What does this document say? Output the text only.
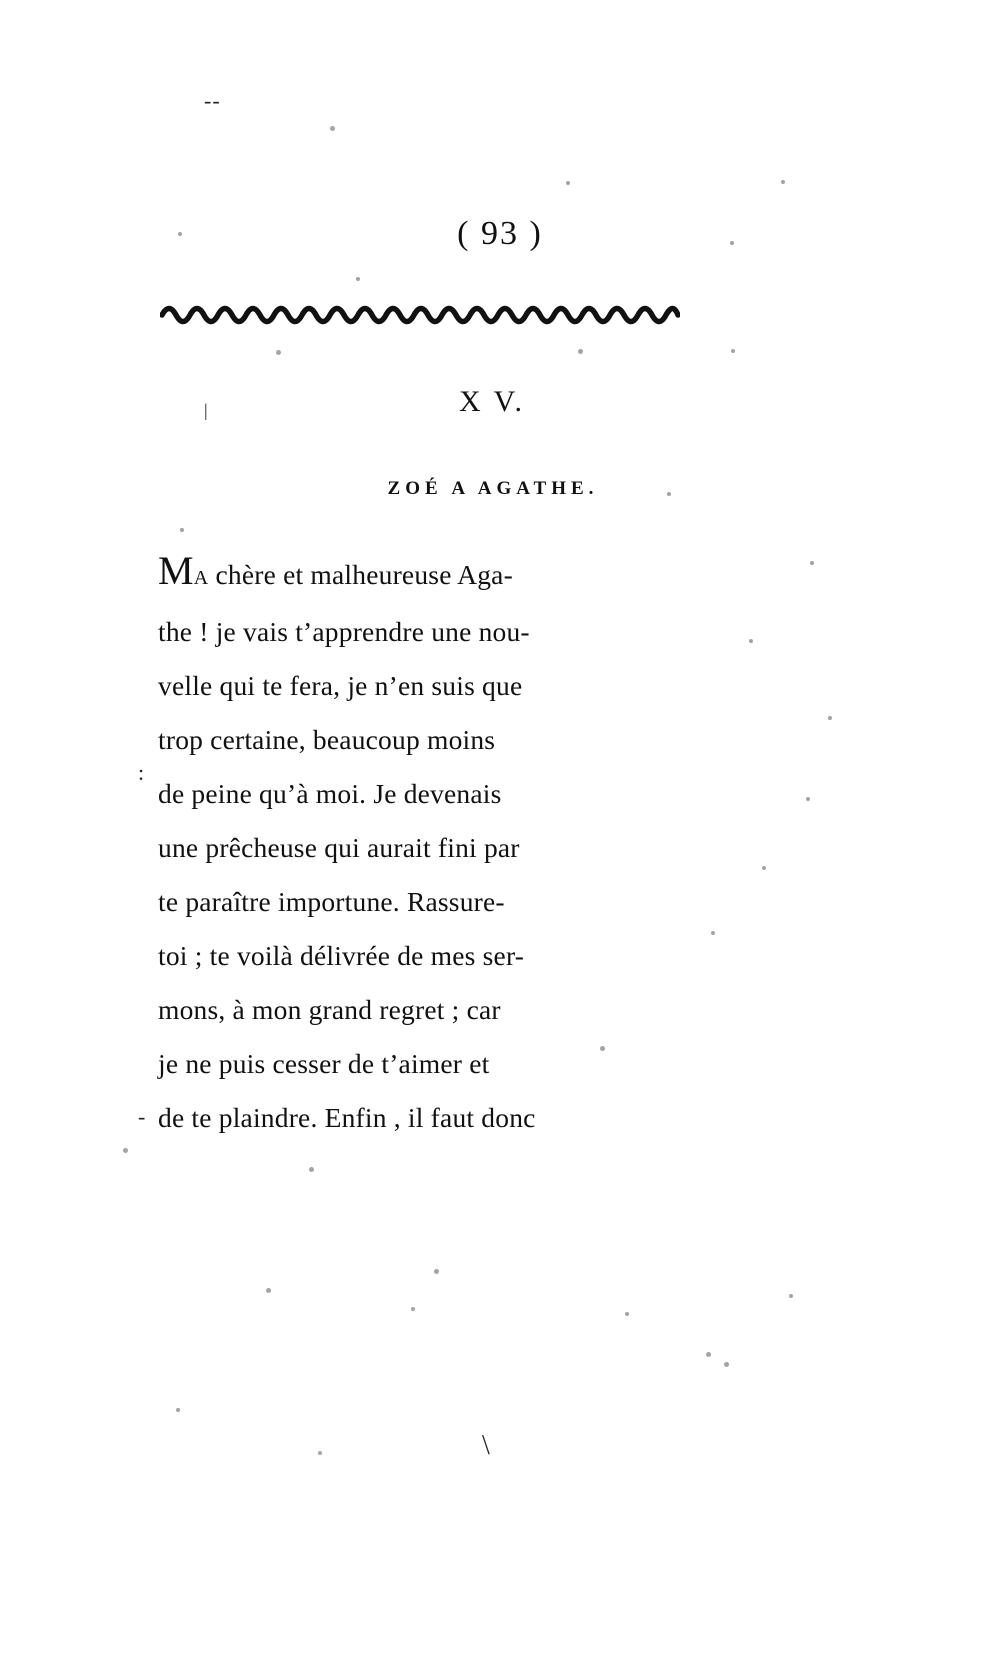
--
|
:
\
( 93 )
X V.
ZOÉ A AGATHE.
MA chère et malheureuse Aga-
the ! je vais t’apprendre une nou-
velle qui te fera, je n’en suis que
trop certaine, beaucoup moins
de peine qu’à moi. Je devenais
une prêcheuse qui aurait fini par
te paraître importune. Rassure-
toi ; te voilà délivrée de mes ser-
mons, à mon grand regret ; car
je ne puis cesser de t’aimer et
de te plaindre. Enfin , il faut donc
-
